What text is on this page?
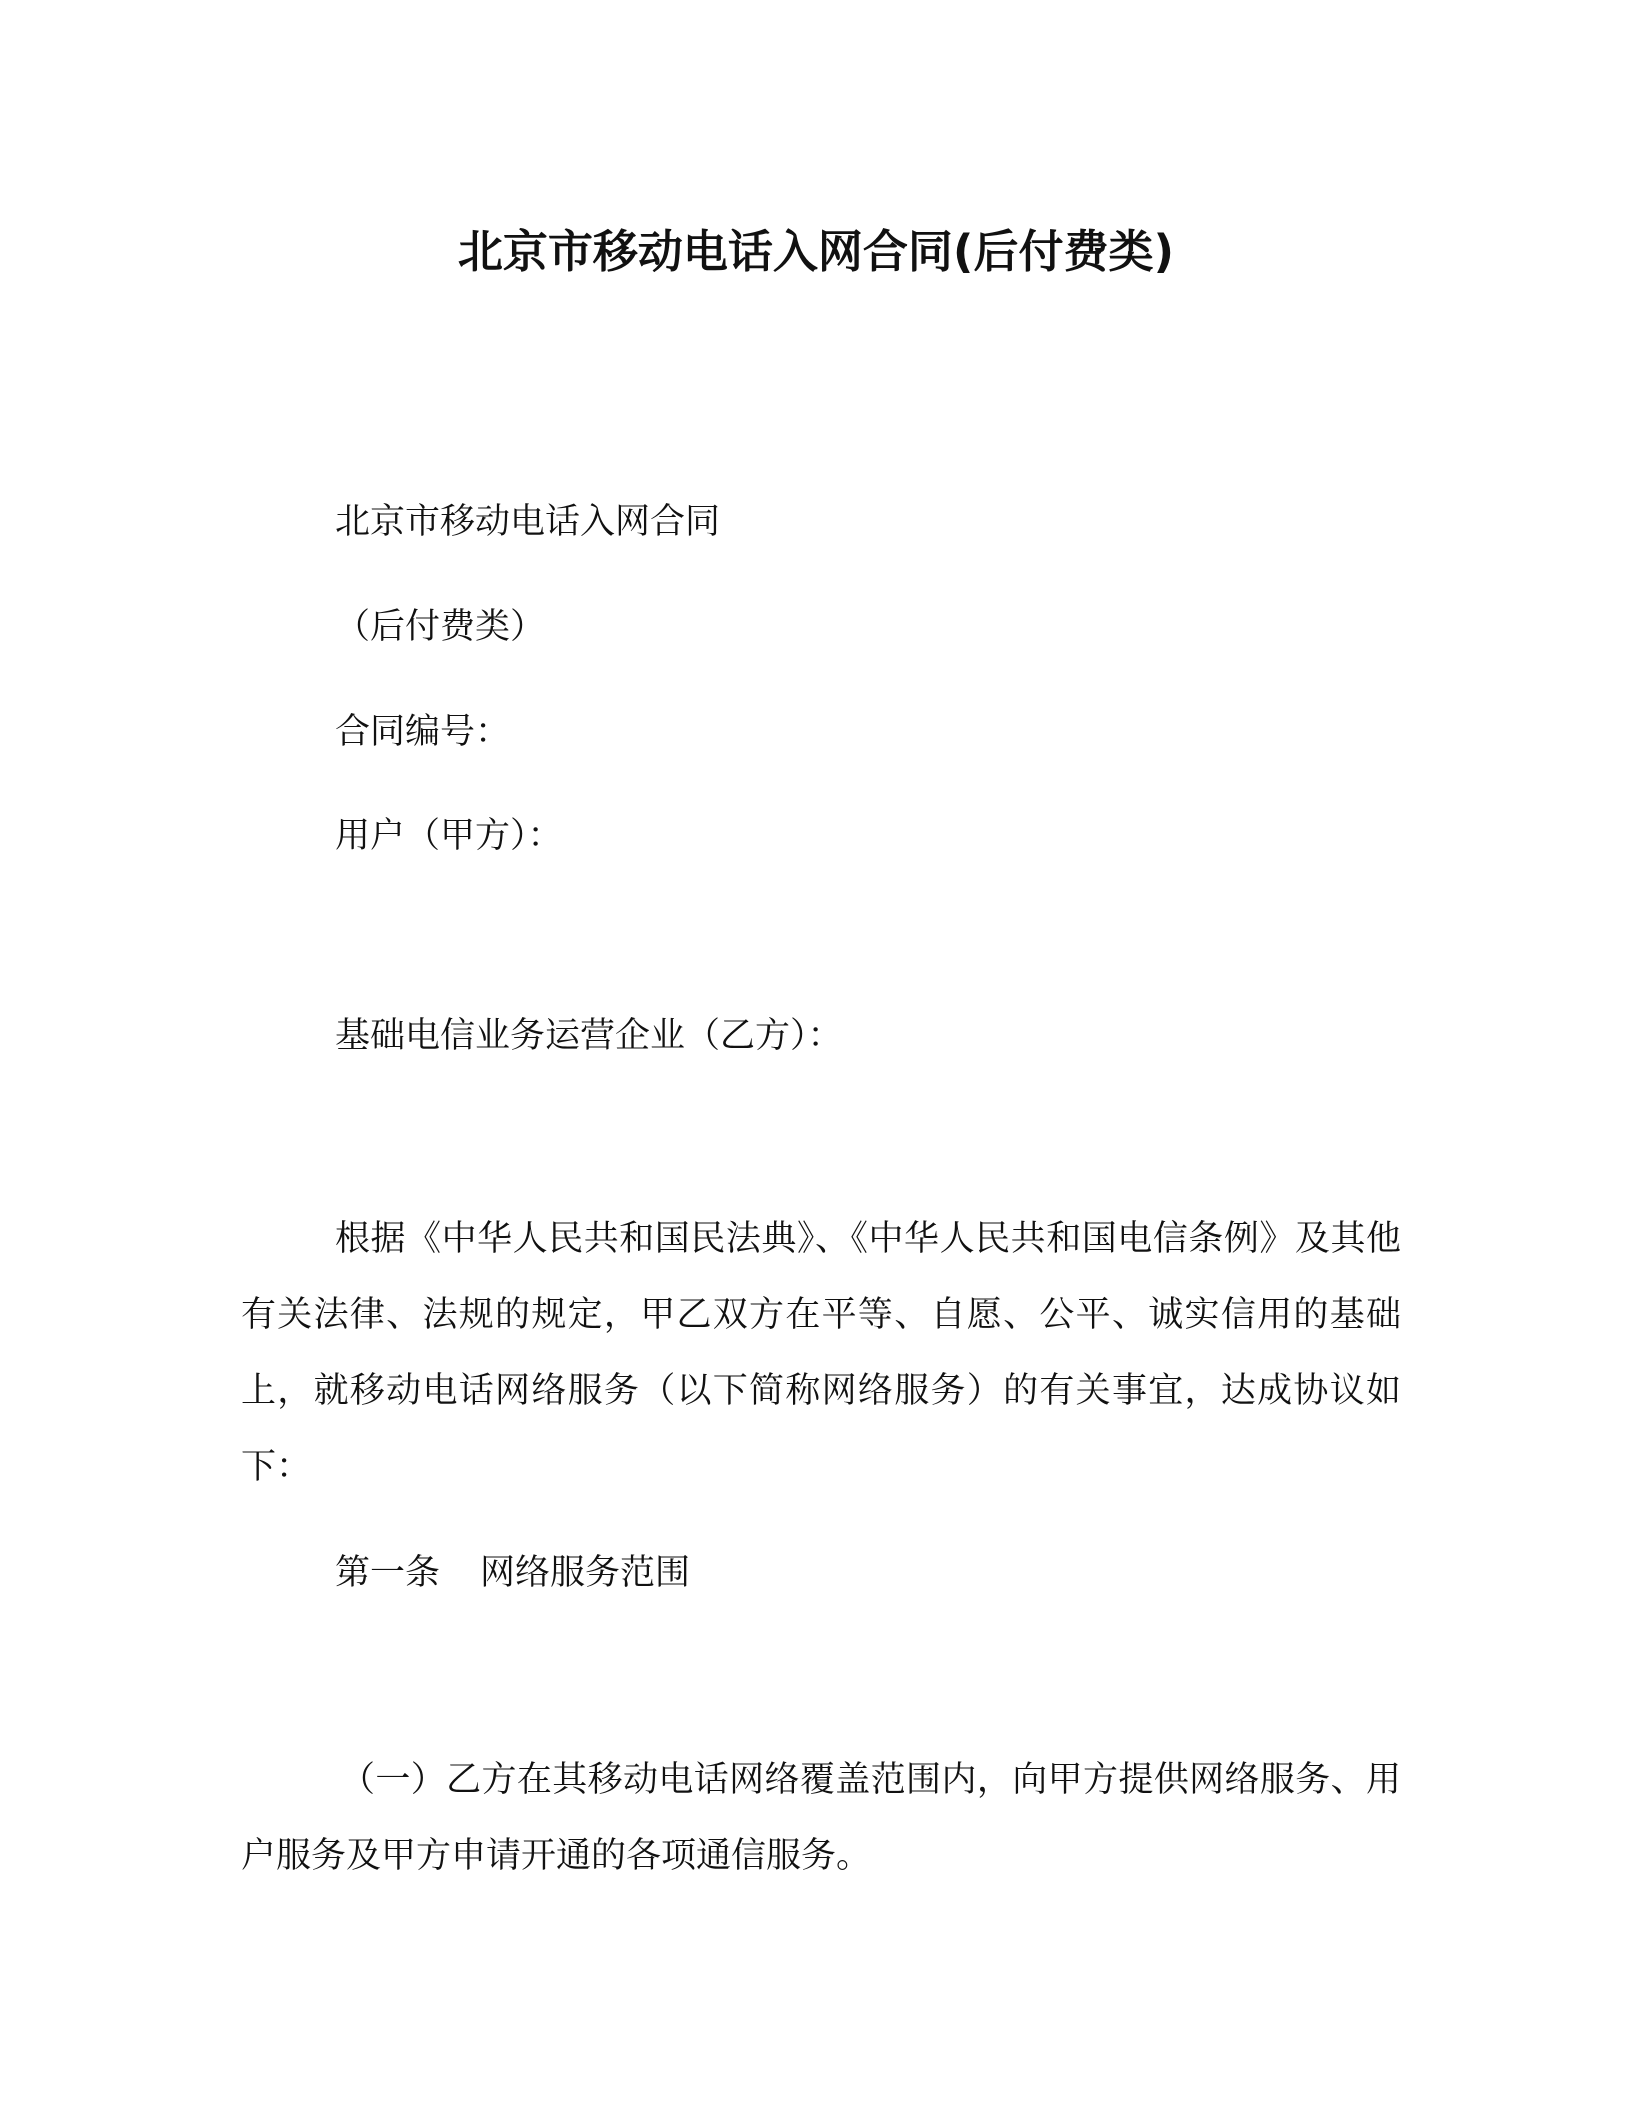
北京市移动电话入网合同(后付费类)

北京市移动电话入网合同

（后付费类）

合同编号：

用户（甲方）：

基础电信业务运营企业（乙方）：

根据《中华人民共和国民法典》、《中华人民共和国电信条例》及其他有关法律、法规的规定，甲乙双方在平等、自愿、公平、诚实信用的基础上，就移动电话网络服务（以下简称网络服务）的有关事宜，达成协议如下：

第一条 网络服务范围

（一）乙方在其移动电话网络覆盖范围内，向甲方提供网络服务、用户服务及甲方申请开通的各项通信服务。
